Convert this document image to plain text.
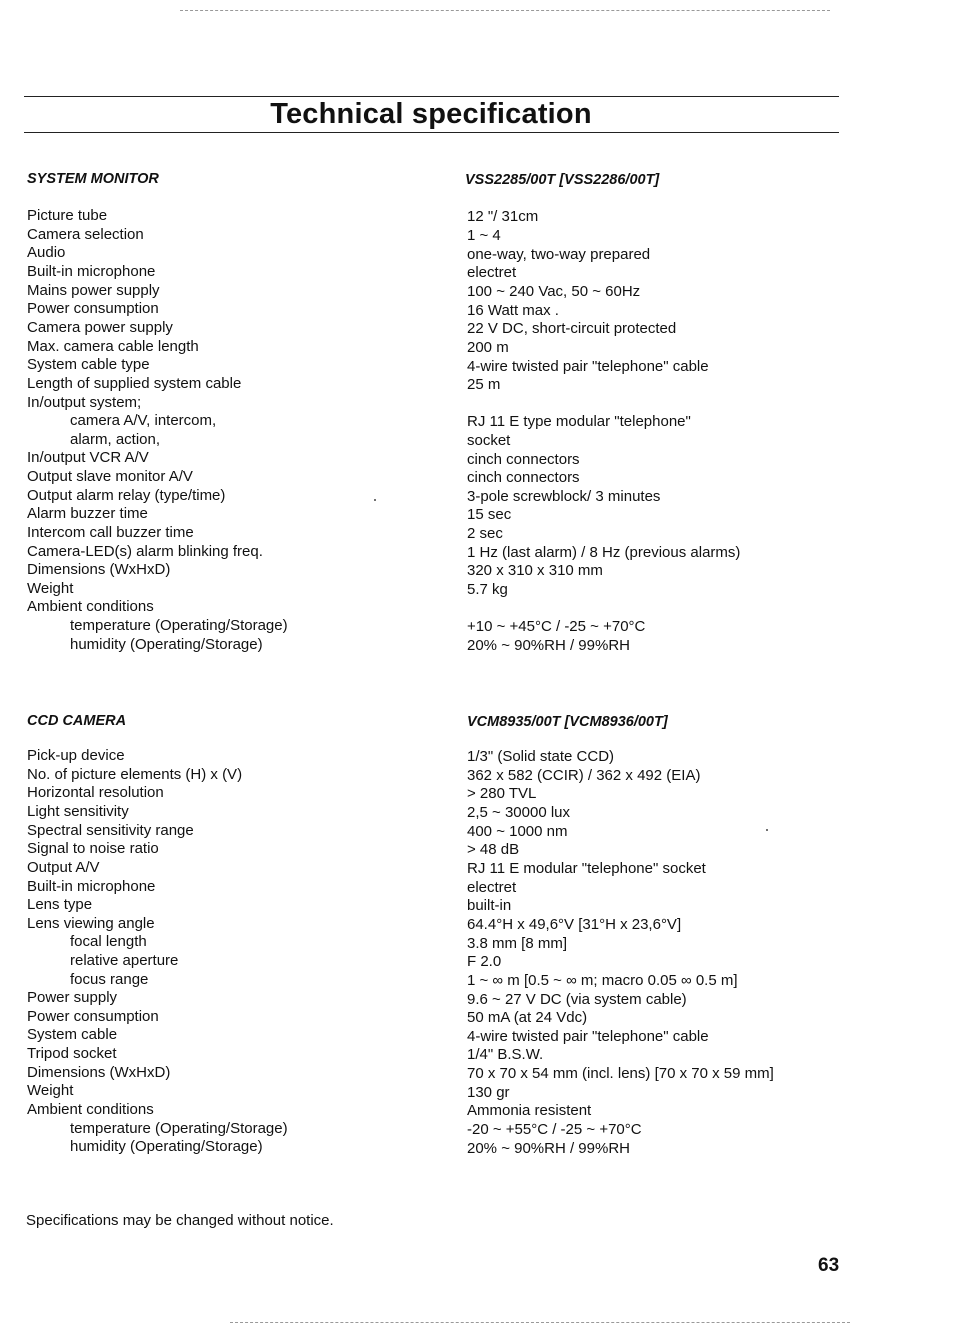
Technical specification
SYSTEM MONITOR	VSS2285/00T [VSS2286/00T]
Picture tube
Camera selection
Audio
Built-in microphone
Mains power supply
Power consumption
Camera power supply
Max. camera cable length
System cable type
Length of supplied system cable
In/output system;
camera A/V, intercom,
alarm, action,
In/output VCR A/V
Output slave monitor A/V
Output alarm relay (type/time)
Alarm buzzer time
Intercom call buzzer time
Camera-LED(s) alarm blinking freq.
Dimensions (WxHxD)
Weight
Ambient conditions
temperature (Operating/Storage)
humidity (Operating/Storage)
12 "/ 31cm
1 ~ 4
one-way, two-way prepared
electret
100 ~ 240 Vac, 50 ~ 60Hz
16 Watt max .
22 V DC, short-circuit protected
200 m
4-wire twisted pair "telephone" cable
25 m
RJ 11 E type modular "telephone"
socket
cinch connectors
cinch connectors
3-pole screwblock/ 3 minutes
15 sec
2 sec
1 Hz (last alarm) / 8 Hz (previous alarms)
320 x 310 x 310 mm
5.7 kg
+10 ~ +45°C / -25 ~ +70°C
20% ~ 90%RH / 99%RH
CCD CAMERA	VCM8935/00T [VCM8936/00T]
Pick-up device
No. of picture elements (H) x (V)
Horizontal resolution
Light sensitivity
Spectral sensitivity range
Signal to noise ratio
Output A/V
Built-in microphone
Lens type
Lens viewing angle
focal length
relative aperture
focus range
Power supply
Power consumption
System cable
Tripod socket
Dimensions (WxHxD)
Weight
Ambient conditions
temperature (Operating/Storage)
humidity (Operating/Storage)
1/3" (Solid state CCD)
362 x 582 (CCIR) / 362 x 492 (EIA)
> 280 TVL
2,5 ~ 30000 lux
400 ~ 1000 nm
> 48 dB
RJ 11 E modular "telephone" socket
electret
built-in
64.4°H x 49,6°V [31°H x 23,6°V]
3.8 mm [8 mm]
F 2.0
1 ~ ∞ m [0.5 ~ ∞ m; macro 0.05 ∞ 0.5 m]
9.6 ~ 27 V DC (via system cable)
50 mA (at 24 Vdc)
4-wire twisted pair "telephone" cable
1/4" B.S.W.
70 x 70 x 54 mm (incl. lens) [70 x 70 x 59 mm]
130 gr
Ammonia resistent
-20 ~ +55°C / -25 ~ +70°C
20% ~ 90%RH / 99%RH
Specifications may be changed without notice.
63
